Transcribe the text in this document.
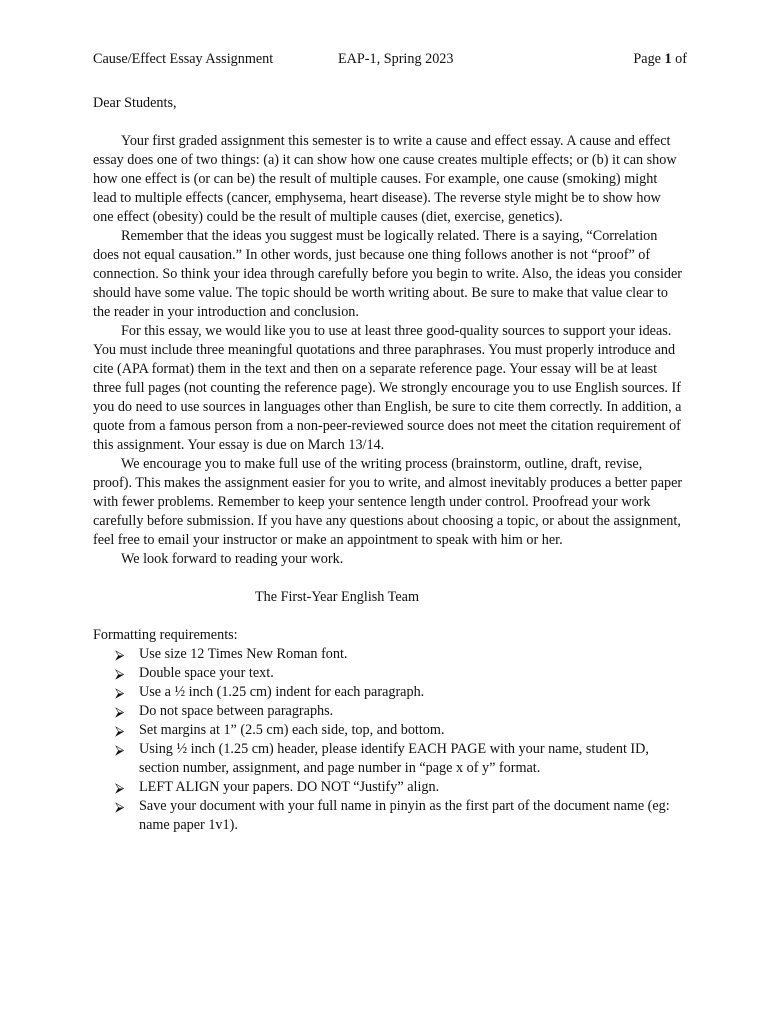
Cause/Effect Essay Assignment	EAP-1, Spring 2023	Page 1 of

Dear Students,

Your first graded assignment this semester is to write a cause and effect essay. A cause and effect essay does one of two things: (a) it can show how one cause creates multiple effects; or (b) it can show how one effect is (or can be) the result of multiple causes. For example, one cause (smoking) might lead to multiple effects (cancer, emphysema, heart disease). The reverse style might be to show how one effect (obesity) could be the result of multiple causes (diet, exercise, genetics).

Remember that the ideas you suggest must be logically related. There is a saying, “Correlation does not equal causation.” In other words, just because one thing follows another is not “proof” of connection. So think your idea through carefully before you begin to write. Also, the ideas you consider should have some value. The topic should be worth writing about. Be sure to make that value clear to the reader in your introduction and conclusion.

For this essay, we would like you to use at least three good-quality sources to support your ideas. You must include three meaningful quotations and three paraphrases. You must properly introduce and cite (APA format) them in the text and then on a separate reference page. Your essay will be at least three full pages (not counting the reference page). We strongly encourage you to use English sources. If you do need to use sources in languages other than English, be sure to cite them correctly. In addition, a quote from a famous person from a non-peer-reviewed source does not meet the citation requirement of this assignment. Your essay is due on March 13/14.

We encourage you to make full use of the writing process (brainstorm, outline, draft, revise, proof). This makes the assignment easier for you to write, and almost inevitably produces a better paper with fewer problems. Remember to keep your sentence length under control. Proofread your work carefully before submission. If you have any questions about choosing a topic, or about the assignment, feel free to email your instructor or make an appointment to speak with him or her.

We look forward to reading your work.

The First-Year English Team

Formatting requirements:

⮚ Use size 12 Times New Roman font.
⮚ Double space your text.
⮚ Use a ½ inch (1.25 cm) indent for each paragraph.
⮚ Do not space between paragraphs.
⮚ Set margins at 1” (2.5 cm) each side, top, and bottom.
⮚ Using ½ inch (1.25 cm) header, please identify EACH PAGE with your name, student ID, section number, assignment, and page number in “page x of y” format.
⮚ LEFT ALIGN your papers. DO NOT “Justify” align.
⮚ Save your document with your full name in pinyin as the first part of the document name (eg: name paper 1v1).
